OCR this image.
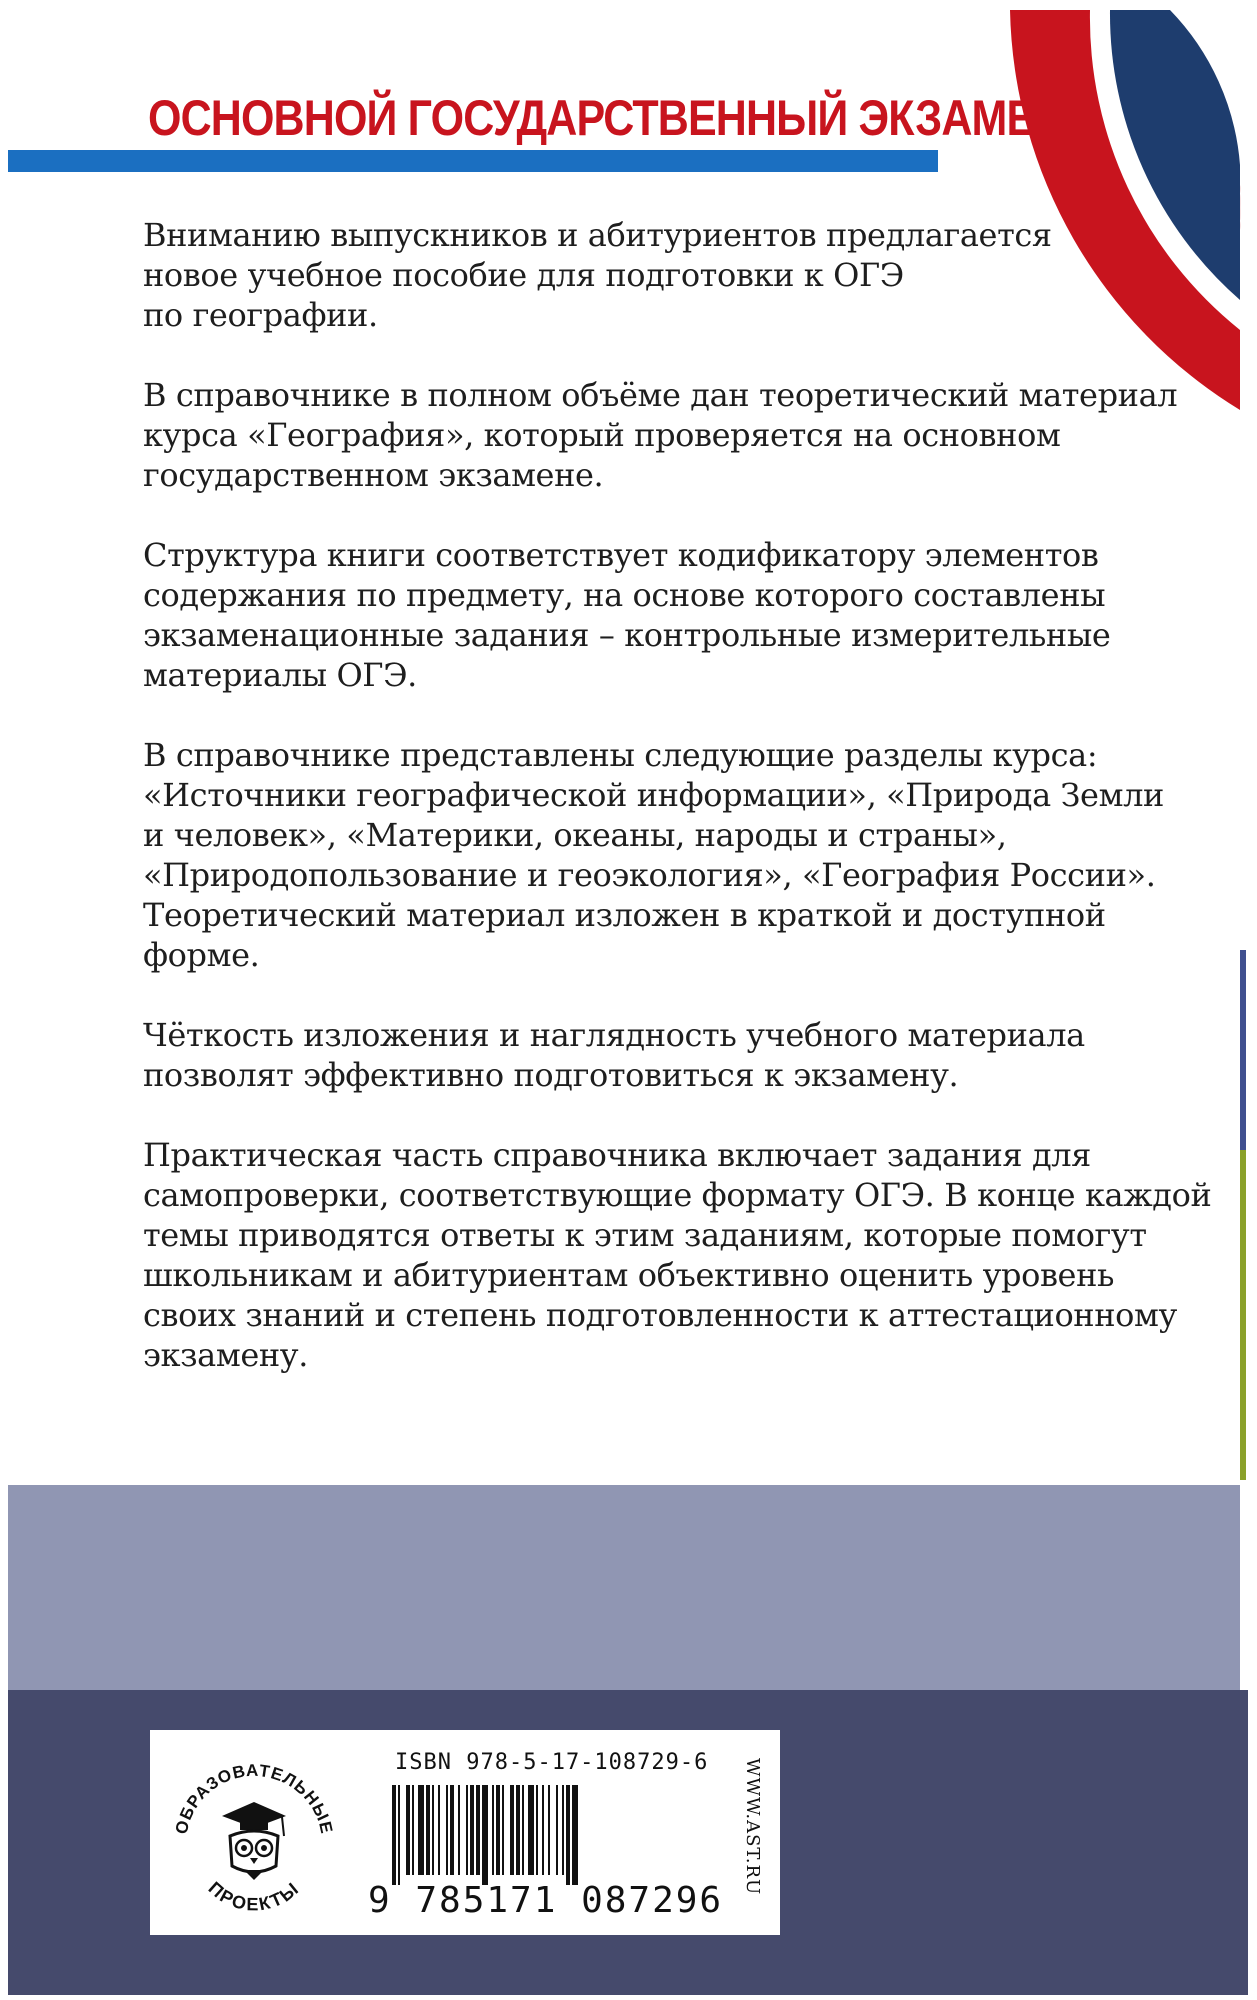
ОСНОВНОЙ ГОСУДАРСТВЕННЫЙ ЭКЗАМЕН

Вниманию выпускников и абитуриентов предлагается
новое учебное пособие для подготовки к ОГЭ
по географии.

В справочнике в полном объёме дан теоретический материал
курса «География», который проверяется на основном
государственном экзамене.

Структура книги соответствует кодификатору элементов
содержания по предмету, на основе которого составлены
экзаменационные задания – контрольные измерительные
материалы ОГЭ.

В справочнике представлены следующие разделы курса:
«Источники географической информации», «Природа Земли
и человек», «Материки, океаны, народы и страны»,
«Природопользование и геоэкология», «География России».
Теоретический материал изложен в краткой и доступной
форме.

Чёткость изложения и наглядность учебного материала
позволят эффективно подготовиться к экзамену.

Практическая часть справочника включает задания для
самопроверки, соответствующие формату ОГЭ. В конце каждой
темы приводятся ответы к этим заданиям, которые помогут
школьникам и абитуриентам объективно оценить уровень
своих знаний и степень подготовленности к аттестационному
экзамену.

ОБРАЗОВАТЕЛЬНЫЕ
ПРОЕКТЫ
ISBN 978-5-17-108729-6
9 785171 087296
WWW.AST.RU
